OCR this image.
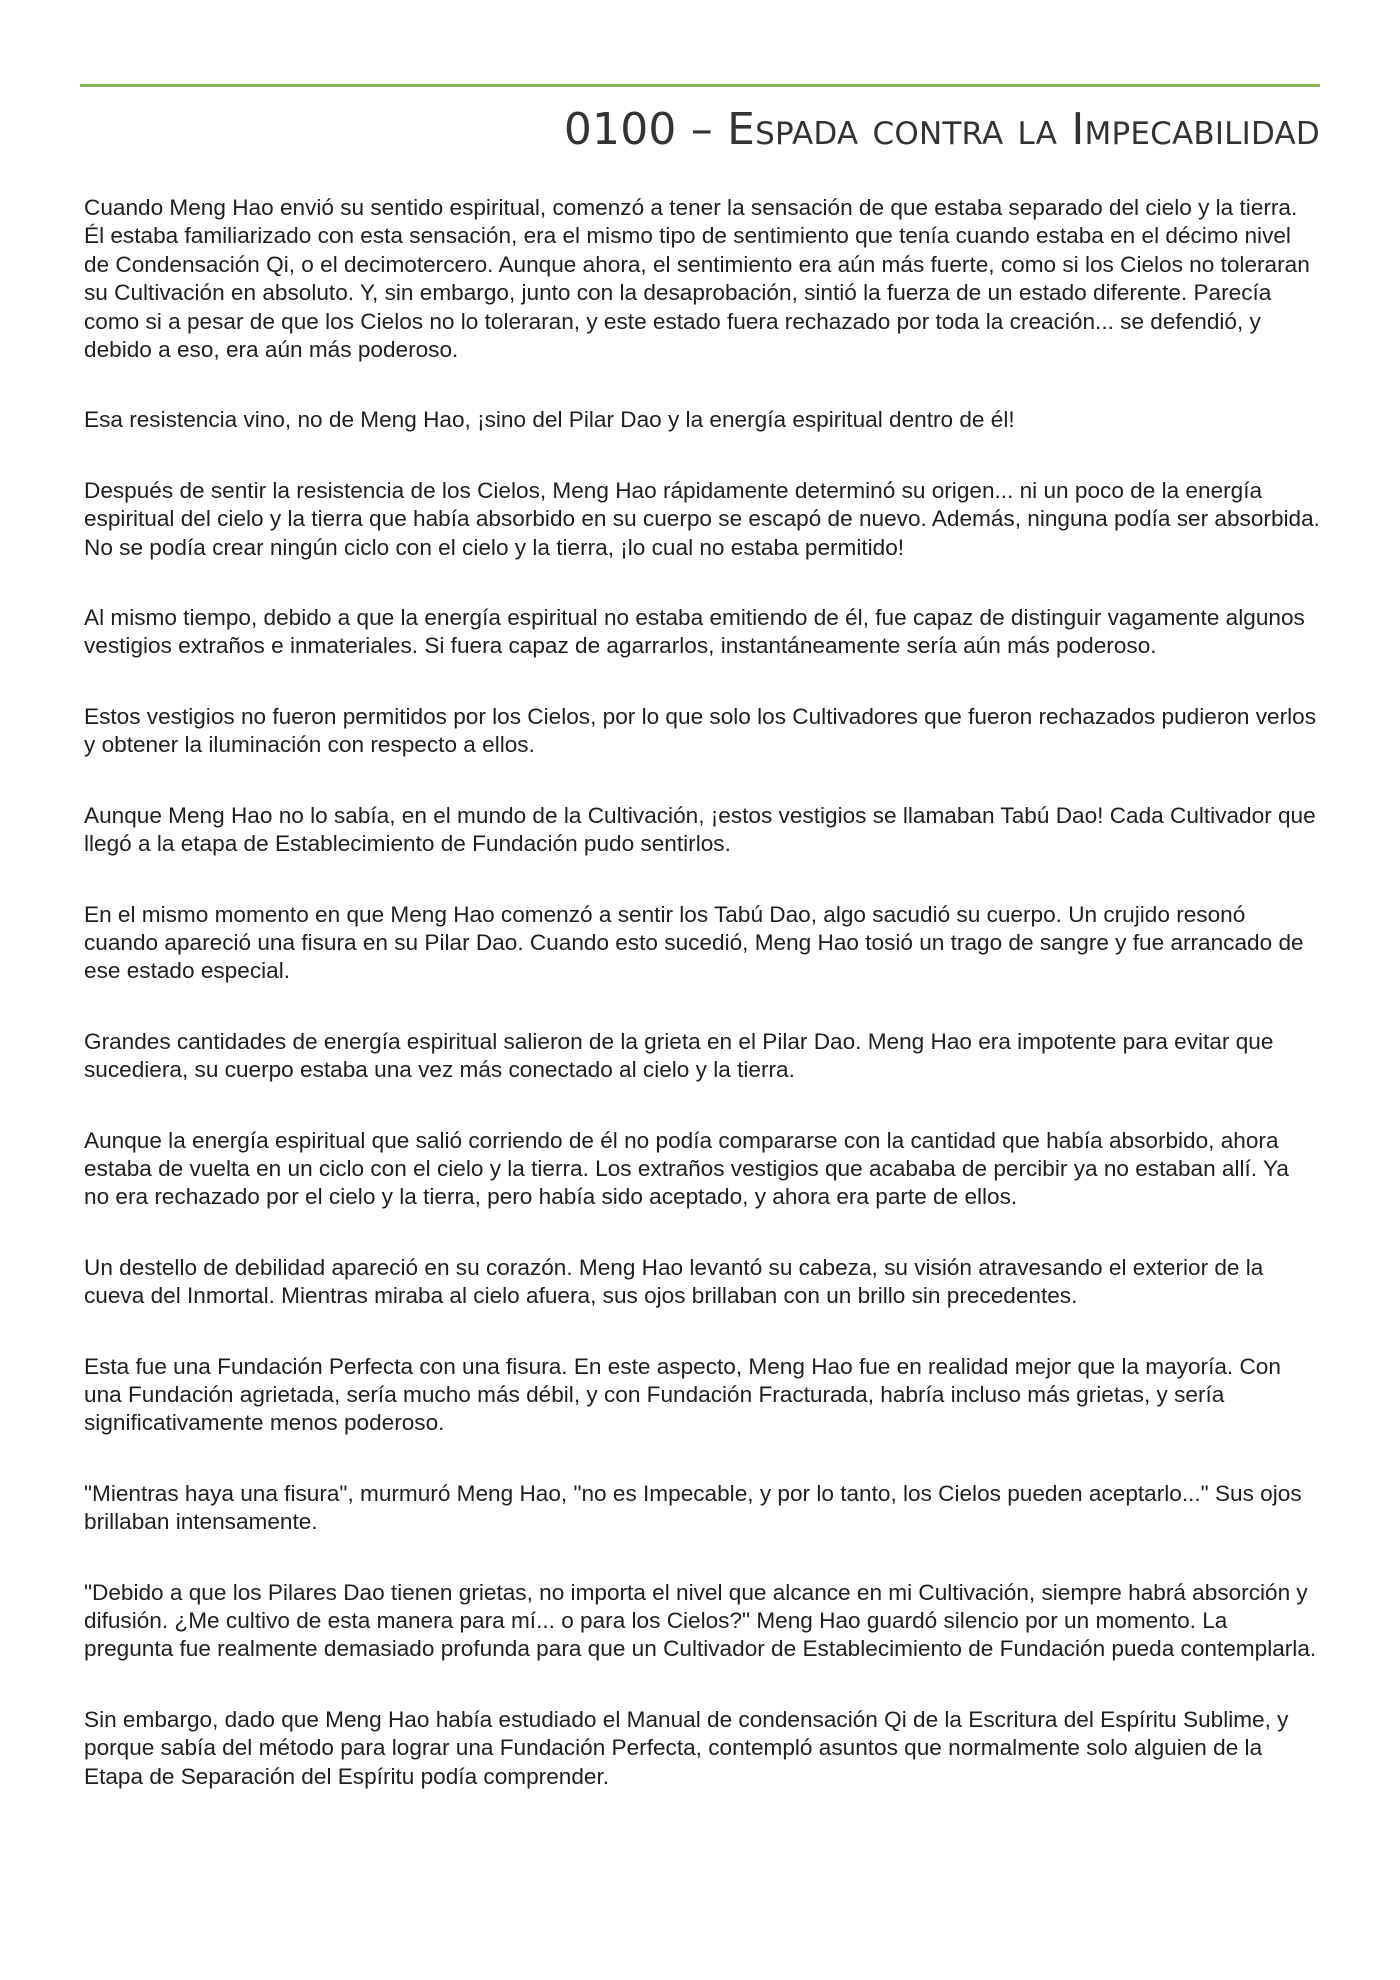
0100 – Espada contra la Impecabilidad

Cuando Meng Hao envió su sentido espiritual, comenzó a tener la sensación de que estaba separado del cielo y la tierra. Él estaba familiarizado con esta sensación, era el mismo tipo de sentimiento que tenía cuando estaba en el décimo nivel de Condensación Qi, o el decimotercero. Aunque ahora, el sentimiento era aún más fuerte, como si los Cielos no toleraran su Cultivación en absoluto. Y, sin embargo, junto con la desaprobación, sintió la fuerza de un estado diferente. Parecía como si a pesar de que los Cielos no lo toleraran, y este estado fuera rechazado por toda la creación... se defendió, y debido a eso, era aún más poderoso.

Esa resistencia vino, no de Meng Hao, ¡sino del Pilar Dao y la energía espiritual dentro de él!

Después de sentir la resistencia de los Cielos, Meng Hao rápidamente determinó su origen... ni un poco de la energía espiritual del cielo y la tierra que había absorbido en su cuerpo se escapó de nuevo. Además, ninguna podía ser absorbida. No se podía crear ningún ciclo con el cielo y la tierra, ¡lo cual no estaba permitido!

Al mismo tiempo, debido a que la energía espiritual no estaba emitiendo de él, fue capaz de distinguir vagamente algunos vestigios extraños e inmateriales. Si fuera capaz de agarrarlos, instantáneamente sería aún más poderoso.

Estos vestigios no fueron permitidos por los Cielos, por lo que solo los Cultivadores que fueron rechazados pudieron verlos y obtener la iluminación con respecto a ellos.

Aunque Meng Hao no lo sabía, en el mundo de la Cultivación, ¡estos vestigios se llamaban Tabú Dao! Cada Cultivador que llegó a la etapa de Establecimiento de Fundación pudo sentirlos.

En el mismo momento en que Meng Hao comenzó a sentir los Tabú Dao, algo sacudió su cuerpo. Un crujido resonó cuando apareció una fisura en su Pilar Dao. Cuando esto sucedió, Meng Hao tosió un trago de sangre y fue arrancado de ese estado especial.

Grandes cantidades de energía espiritual salieron de la grieta en el Pilar Dao. Meng Hao era impotente para evitar que sucediera, su cuerpo estaba una vez más conectado al cielo y la tierra.

Aunque la energía espiritual que salió corriendo de él no podía compararse con la cantidad que había absorbido, ahora estaba de vuelta en un ciclo con el cielo y la tierra. Los extraños vestigios que acababa de percibir ya no estaban allí. Ya no era rechazado por el cielo y la tierra, pero había sido aceptado, y ahora era parte de ellos.

Un destello de debilidad apareció en su corazón. Meng Hao levantó su cabeza, su visión atravesando el exterior de la cueva del Inmortal. Mientras miraba al cielo afuera, sus ojos brillaban con un brillo sin precedentes.

Esta fue una Fundación Perfecta con una fisura. En este aspecto, Meng Hao fue en realidad mejor que la mayoría. Con una Fundación agrietada, sería mucho más débil, y con Fundación Fracturada, habría incluso más grietas, y sería significativamente menos poderoso.

"Mientras haya una fisura", murmuró Meng Hao, "no es Impecable, y por lo tanto, los Cielos pueden aceptarlo..." Sus ojos brillaban intensamente.

"Debido a que los Pilares Dao tienen grietas, no importa el nivel que alcance en mi Cultivación, siempre habrá absorción y difusión. ¿Me cultivo de esta manera para mí... o para los Cielos?" Meng Hao guardó silencio por un momento. La pregunta fue realmente demasiado profunda para que un Cultivador de Establecimiento de Fundación pueda contemplarla.

Sin embargo, dado que Meng Hao había estudiado el Manual de condensación Qi de la Escritura del Espíritu Sublime, y porque sabía del método para lograr una Fundación Perfecta, contempló asuntos que normalmente solo alguien de la Etapa de Separación del Espíritu podía comprender.
